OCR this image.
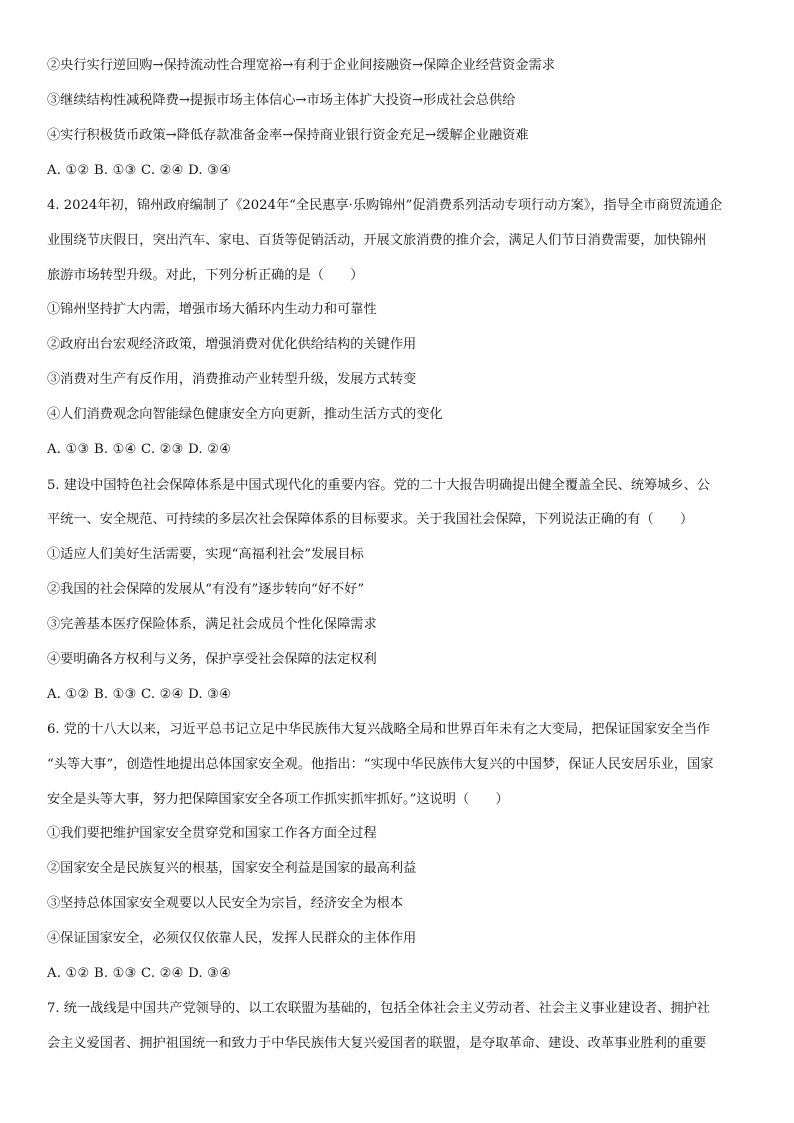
②央行实行逆回购→保持流动性合理宽裕→有利于企业间接融资→保障企业经营资金需求
③继续结构性减税降费→提振市场主体信心→市场主体扩大投资→形成社会总供给
④实行积极货币政策→降低存款准备金率→保持商业银行资金充足→缓解企业融资难
A. ①② B. ①③ C. ②④ D. ③④
4. 2024年初，锦州政府编制了《2024年“全民惠享·乐购锦州”促消费系列活动专项行动方案》，指导全市商贸流通企
业围绕节庆假日，突出汽车、家电、百货等促销活动，开展文旅消费的推介会，满足人们节日消费需要，加快锦州
旅游市场转型升级。对此，下列分析正确的是（　　）
①锦州坚持扩大内需，增强市场大循环内生动力和可靠性
②政府出台宏观经济政策，增强消费对优化供给结构的关键作用
③消费对生产有反作用，消费推动产业转型升级，发展方式转变
④人们消费观念向智能绿色健康安全方向更新，推动生活方式的变化
A. ①③ B. ①④ C. ②③ D. ②④
5. 建设中国特色社会保障体系是中国式现代化的重要内容。党的二十大报告明确提出健全覆盖全民、统筹城乡、公
平统一、安全规范、可持续的多层次社会保障体系的目标要求。关于我国社会保障，下列说法正确的有（　　）
①适应人们美好生活需要，实现“高福利社会”发展目标
②我国的社会保障的发展从“有没有”逐步转向“好不好”
③完善基本医疗保险体系，满足社会成员个性化保障需求
④要明确各方权利与义务，保护享受社会保障的法定权利
A. ①② B. ①③ C. ②④ D. ③④
6. 党的十八大以来，习近平总书记立足中华民族伟大复兴战略全局和世界百年未有之大变局，把保证国家安全当作
“头等大事”，创造性地提出总体国家安全观。他指出：“实现中华民族伟大复兴的中国梦，保证人民安居乐业，国家
安全是头等大事，努力把保障国家安全各项工作抓实抓牢抓好。”这说明（　　）
①我们要把维护国家安全贯穿党和国家工作各方面全过程
②国家安全是民族复兴的根基，国家安全利益是国家的最高利益
③坚持总体国家安全观要以人民安全为宗旨，经济安全为根本
④保证国家安全，必须仅仅依靠人民，发挥人民群众的主体作用
A. ①② B. ①③ C. ②④ D. ③④
7. 统一战线是中国共产党领导的、以工农联盟为基础的，包括全体社会主义劳动者、社会主义事业建设者、拥护社
会主义爱国者、拥护祖国统一和致力于中华民族伟大复兴爱国者的联盟，是夺取革命、建设、改革事业胜利的重要
